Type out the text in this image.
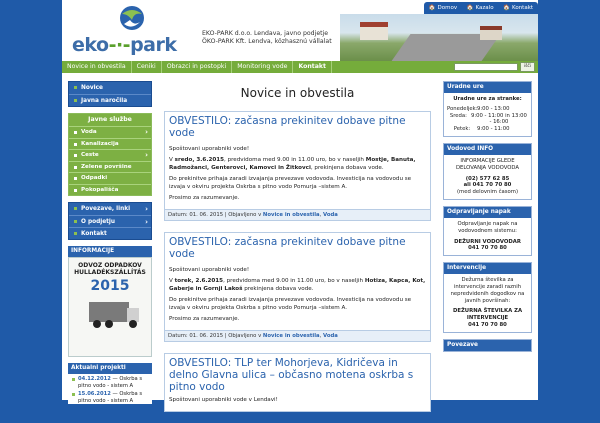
eko-·-park
EKO-PARK d.o.o. Lendava, javno podjetje
ÖKO-PARK Kft. Lendva, közhasznú vállalat
🏠 Domov 🏠 Kazalo 🏠 Kontakt
Novice in obvestila	Ceniki	Obrazci in postopki	Monitoring vode	Kontakt	išči
Novice
Javna naročila
Javne službe
Voda ›
Kanalizacija
Ceste ›
Zelene površine
Odpadki
Pokopališča
Povezave, linki ›
O podjetju ›
Kontakt
INFORMACIJE
ODVOZ ODPADKOV
HULLADÉKSZÁLLÍTÁS
2015
Aktualni projekti
04.12.2012 — Oskrba s pitno vodo - sistem A
15.06.2012 — Oskrba s pitno vodo - sistem A
Novice in obvestila
OBVESTILO: začasna prekinitev dobave pitne vode

Spoštovani uporabniki vode!

V sredo, 3.6.2015, predvidoma med 9.00 in 11.00 uro, bo v naseljih Mostje, Banuta, Radmožanci, Genterovci, Kamovci in Žitkovci, prekinjena dobava vode.

Do prekinitve prihaja zaradi izvajanja prevezave vodovoda. Investicija na vodovodu se izvaja v okviru projekta Oskrba s pitno vodo Pomurja –sistem A.

Prosimo za razumevanje.

Datum: 01. 06. 2015 | Objavljeno v Novice in obvestila, Voda
OBVESTILO: začasna prekinitev dobave pitne vode

Spoštovani uporabniki vode!

V torek, 2.6.2015, predvidoma med 9.00 in 11.00 uro, bo v naseljih Hotiza, Kapca, Kot, Gaberje in Gornji Lakoš prekinjena dobava vode.

Do prekinitve prihaja zaradi izvajanja prevezave vodovoda. Investicija na vodovodu se izvaja v okviru projekta Oskrba s pitno vodo Pomurja –sistem A.

Prosimo za razumevanje.

Datum: 01. 06. 2015 | Objavljeno v Novice in obvestila, Voda
OBVESTILO: TLP ter Mohorjeva, Kidričeva in delno Glavna ulica – občasno motena oskrba s pitno vodo

Spoštovani uporabniki vode v Lendavi!

Uradne ure
Uradne ure za stranke:
Ponedeljek: 9:00 - 13:00
Sreda: 9:00 - 11:00 in 13:00 - 16:00
Petek:	9:00 - 11:00
Vodovod INFO
INFORMACIJE GLEDE DELOVANJA VODOVODA
(02) 577 62 85
ali 041 70 70 80
(med delovnim časom)
Odpravljanje napak
Odpravljanje napak na vodovodnem sistemu:
DEŽURNI VODOVODAR
041 70 70 80
Intervencije
Dežurna številka za intervencije zaradi raznih nepredvidenih dogodkov na javnih površinah:
DEŽURNA ŠTEVILKA ZA INTERVENCIJE
041 70 70 80
Povezave
